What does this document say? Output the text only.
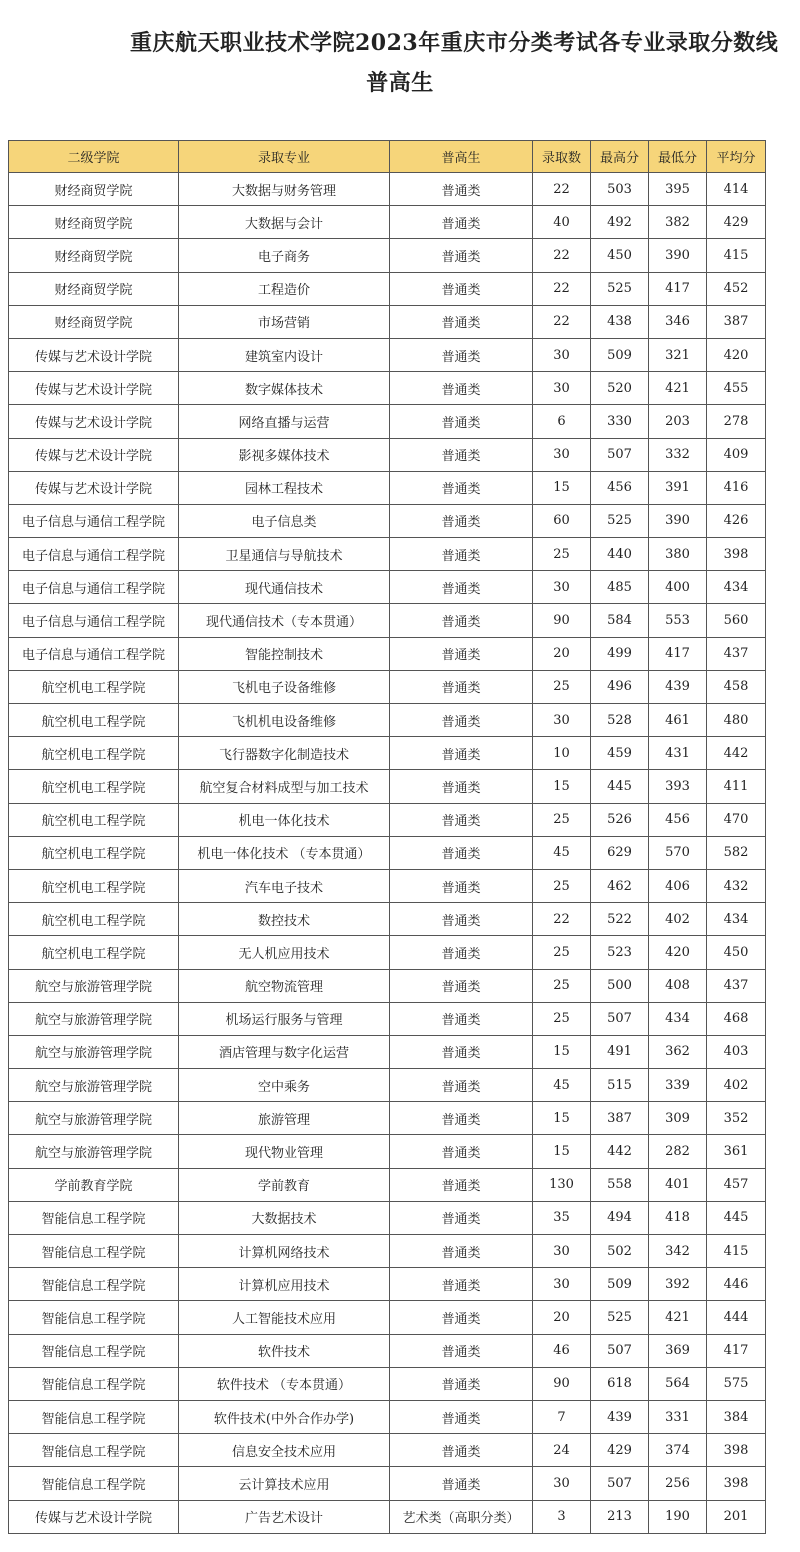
重庆航天职业技术学院2023年重庆市分类考试各专业录取分数线
普高生
二级学院	录取专业	普高生	录取数	最高分	最低分	平均分
财经商贸学院	大数据与财务管理	普通类	22	503	395	414
财经商贸学院	大数据与会计	普通类	40	492	382	429
财经商贸学院	电子商务	普通类	22	450	390	415
财经商贸学院	工程造价	普通类	22	525	417	452
财经商贸学院	市场营销	普通类	22	438	346	387
传媒与艺术设计学院	建筑室内设计	普通类	30	509	321	420
传媒与艺术设计学院	数字媒体技术	普通类	30	520	421	455
传媒与艺术设计学院	网络直播与运营	普通类	6	330	203	278
传媒与艺术设计学院	影视多媒体技术	普通类	30	507	332	409
传媒与艺术设计学院	园林工程技术	普通类	15	456	391	416
电子信息与通信工程学院	电子信息类	普通类	60	525	390	426
电子信息与通信工程学院	卫星通信与导航技术	普通类	25	440	380	398
电子信息与通信工程学院	现代通信技术	普通类	30	485	400	434
电子信息与通信工程学院	现代通信技术（专本贯通）	普通类	90	584	553	560
电子信息与通信工程学院	智能控制技术	普通类	20	499	417	437
航空机电工程学院	飞机电子设备维修	普通类	25	496	439	458
航空机电工程学院	飞机机电设备维修	普通类	30	528	461	480
航空机电工程学院	飞行器数字化制造技术	普通类	10	459	431	442
航空机电工程学院	航空复合材料成型与加工技术	普通类	15	445	393	411
航空机电工程学院	机电一体化技术	普通类	25	526	456	470
航空机电工程学院	机电一体化技术 （专本贯通）	普通类	45	629	570	582
航空机电工程学院	汽车电子技术	普通类	25	462	406	432
航空机电工程学院	数控技术	普通类	22	522	402	434
航空机电工程学院	无人机应用技术	普通类	25	523	420	450
航空与旅游管理学院	航空物流管理	普通类	25	500	408	437
航空与旅游管理学院	机场运行服务与管理	普通类	25	507	434	468
航空与旅游管理学院	酒店管理与数字化运营	普通类	15	491	362	403
航空与旅游管理学院	空中乘务	普通类	45	515	339	402
航空与旅游管理学院	旅游管理	普通类	15	387	309	352
航空与旅游管理学院	现代物业管理	普通类	15	442	282	361
学前教育学院	学前教育	普通类	130	558	401	457
智能信息工程学院	大数据技术	普通类	35	494	418	445
智能信息工程学院	计算机网络技术	普通类	30	502	342	415
智能信息工程学院	计算机应用技术	普通类	30	509	392	446
智能信息工程学院	人工智能技术应用	普通类	20	525	421	444
智能信息工程学院	软件技术	普通类	46	507	369	417
智能信息工程学院	软件技术 （专本贯通）	普通类	90	618	564	575
智能信息工程学院	软件技术(中外合作办学)	普通类	7	439	331	384
智能信息工程学院	信息安全技术应用	普通类	24	429	374	398
智能信息工程学院	云计算技术应用	普通类	30	507	256	398
传媒与艺术设计学院	广告艺术设计	艺术类（高职分类）	3	213	190	201
